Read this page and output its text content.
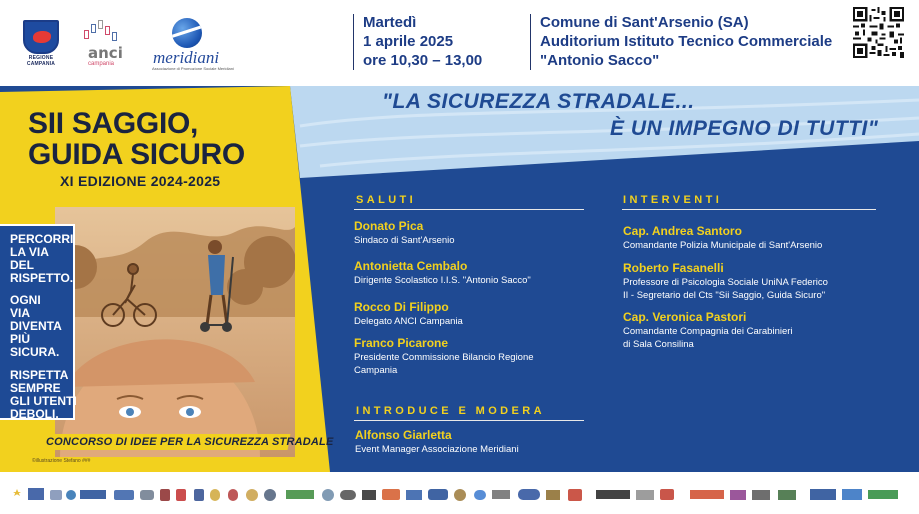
REGIONE CAMPANIA
anci
campania meridiani
Associazione di Promozione Sociale Meridiani
Martedì
1 aprile 2025
ore 10,30 – 13,00
Comune di Sant'Arsenio (SA)
Auditorium Istituto Tecnico Commerciale
"Antonio Sacco"
SII SAGGIO,
GUIDA SICURO
XI EDIZIONE 2024-2025
"LA SICUREZZA STRADALE...
È UN IMPEGNO DI TUTTI"
PERCORRI
LA VIA
DEL
RISPETTO.
OGNI
VIA
DIVENTA
PIÙ
SICURA.
RISPETTA
SEMPRE
GLI UTENTI
DEBOLI.
CONCORSO DI IDEE PER LA SICUREZZA STRADALE
©illustrazione Stefano ###
SALUTI
Donato Pica
Sindaco di Sant'Arsenio
Antonietta Cembalo
Dirigente Scolastico I.I.S. "Antonio Sacco"
Rocco Di Filippo
Delegato ANCI Campania
Franco Picarone
Presidente Commissione Bilancio Regione
Campania
INTERVENTI
Cap. Andrea Santoro
Comandante Polizia Municipale di Sant'Arsenio
Roberto Fasanelli
Professore di Psicologia Sociale UniNA Federico
II - Segretario del Cts "Sii Saggio, Guida Sicuro"
Cap. Veronica Pastori
Comandante Compagnia dei Carabinieri
di Sala Consilina
INTRODUCE E MODERA
Alfonso Giarletta
Event Manager Associazione Meridiani
